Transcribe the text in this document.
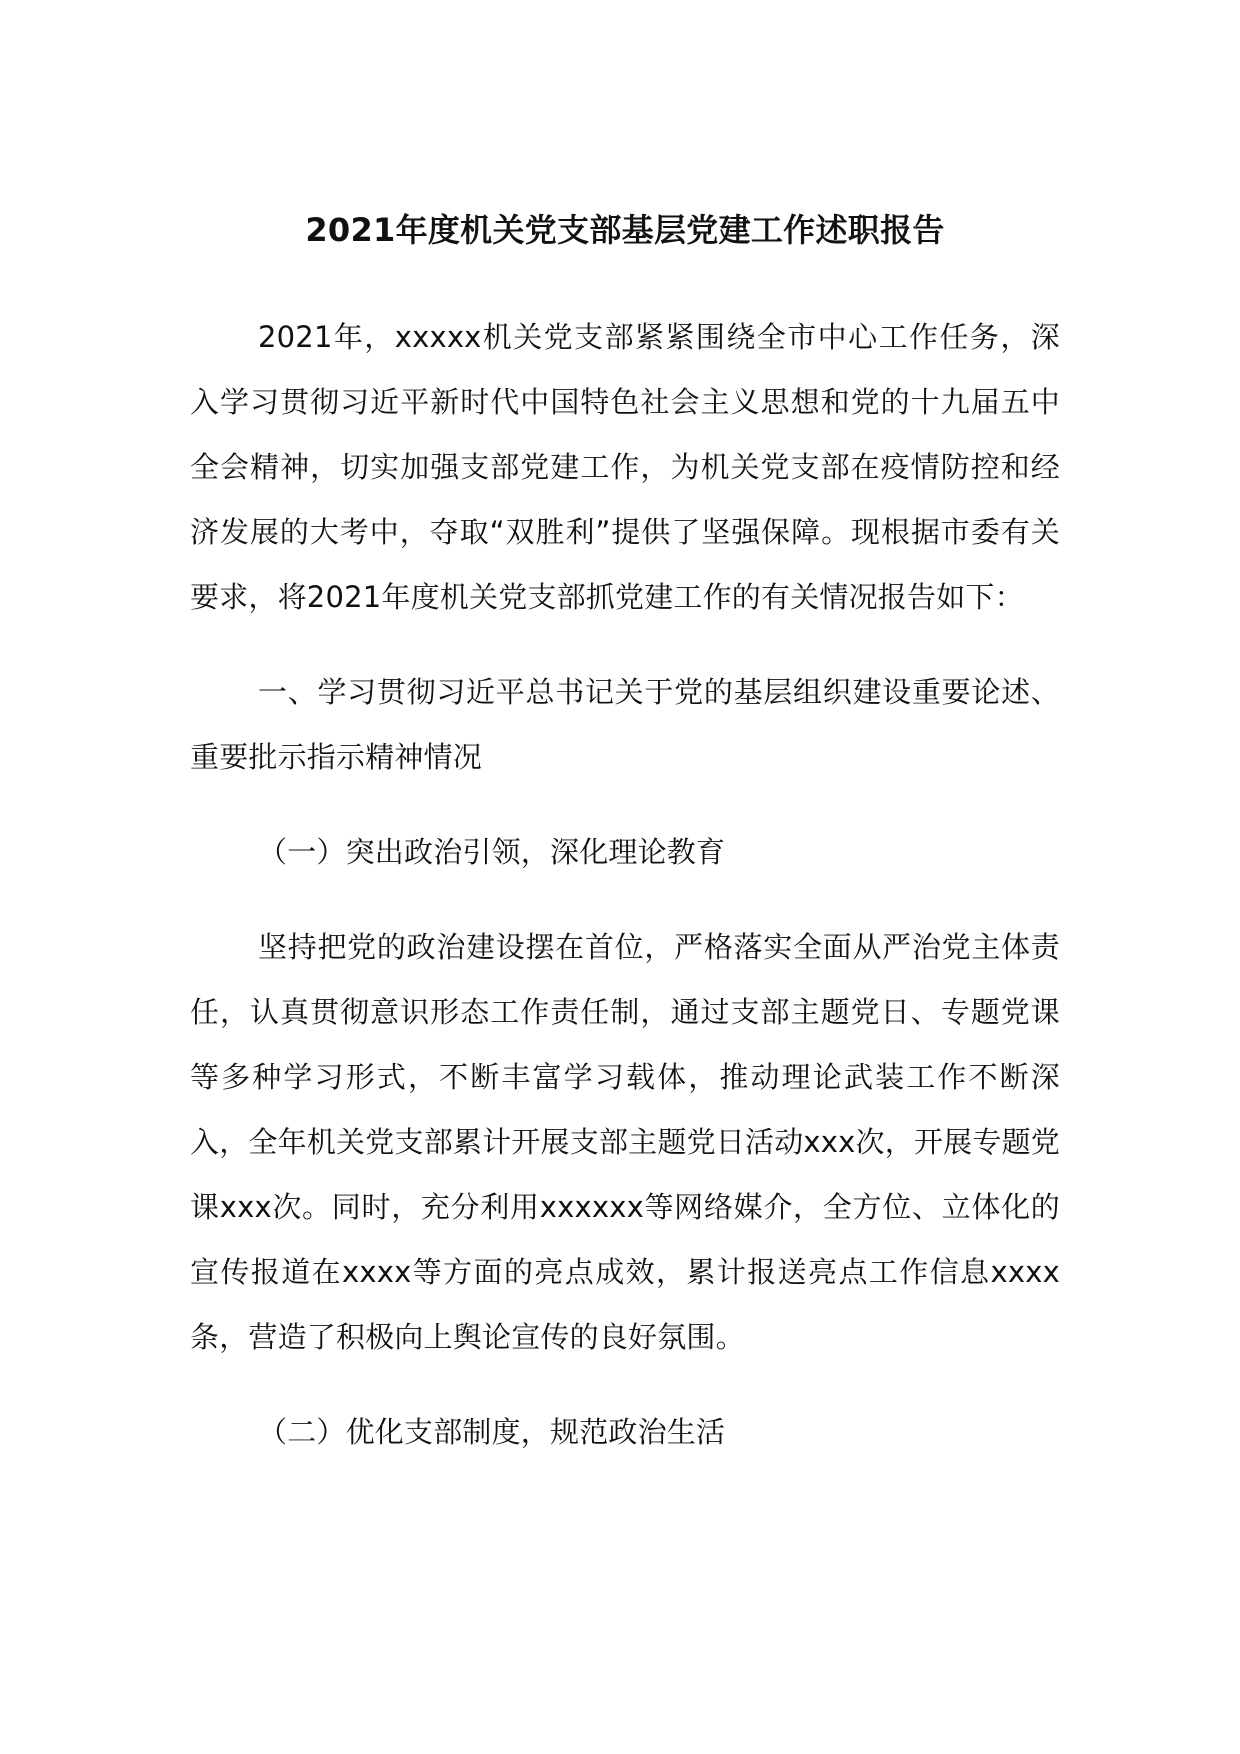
2021年度机关党支部基层党建工作述职报告

2021年，xxxxx机关党支部紧紧围绕全市中心工作任务，深入学习贯彻习近平新时代中国特色社会主义思想和党的十九届五中全会精神，切实加强支部党建工作，为机关党支部在疫情防控和经济发展的大考中，夺取“双胜利”提供了坚强保障。现根据市委有关要求，将2021年度机关党支部抓党建工作的有关情况报告如下：

一、学习贯彻习近平总书记关于党的基层组织建设重要论述、重要批示指示精神情况

（一）突出政治引领，深化理论教育

坚持把党的政治建设摆在首位，严格落实全面从严治党主体责任，认真贯彻意识形态工作责任制，通过支部主题党日、专题党课等多种学习形式，不断丰富学习载体，推动理论武装工作不断深入，全年机关党支部累计开展支部主题党日活动xxx次，开展专题党课xxx次。同时，充分利用xxxxxx等网络媒介，全方位、立体化的宣传报道在xxxx等方面的亮点成效，累计报送亮点工作信息xxxx条，营造了积极向上舆论宣传的良好氛围。

（二）优化支部制度，规范政治生活
